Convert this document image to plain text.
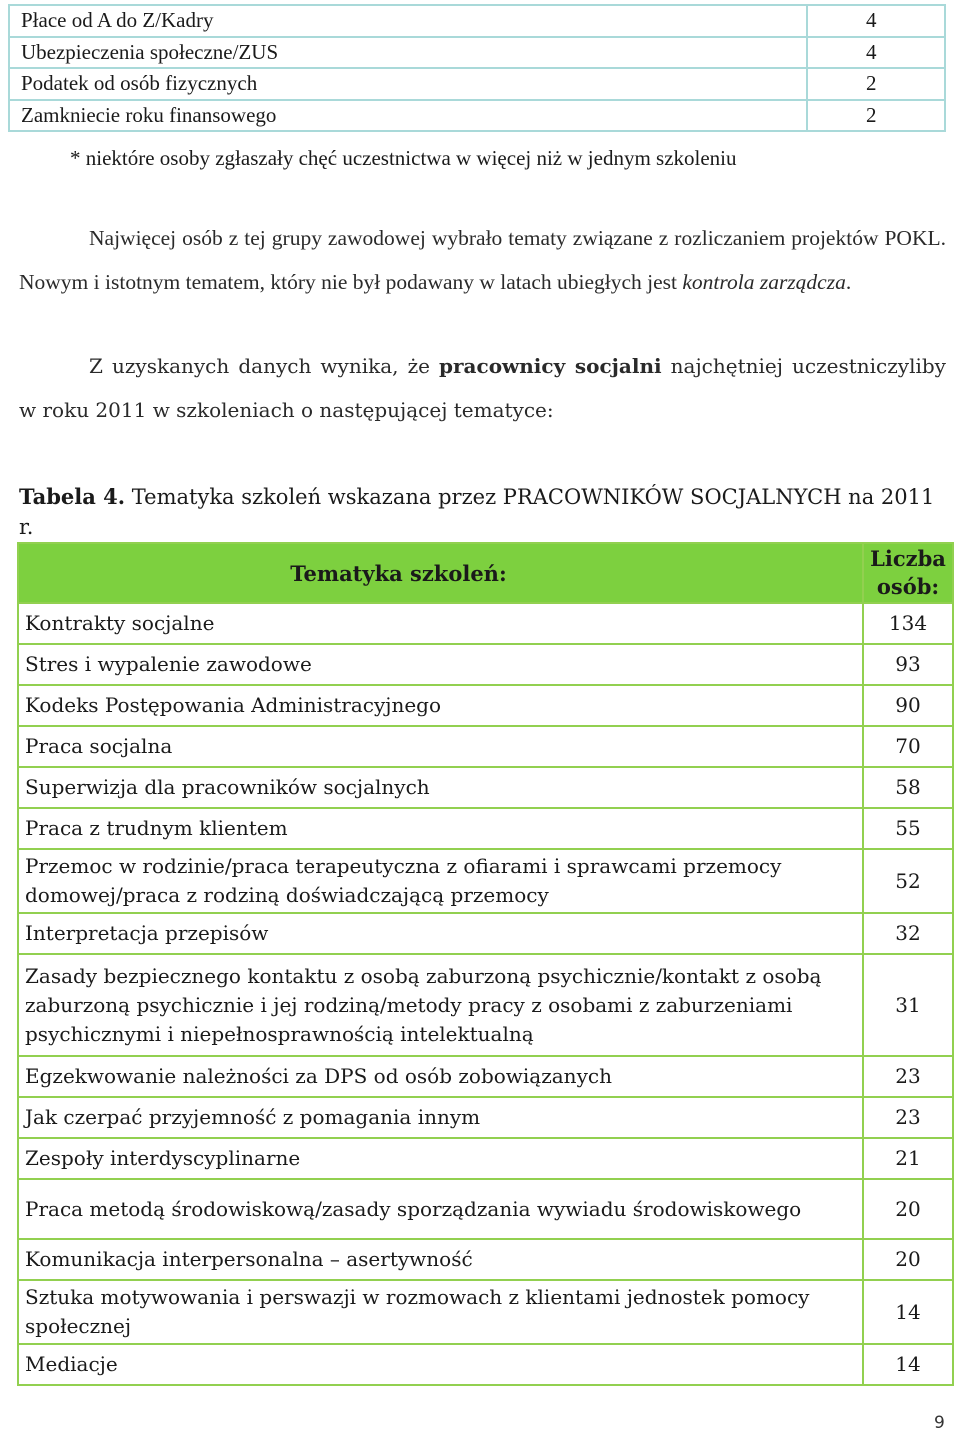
Płace od A do Z/Kadry	4
Ubezpieczenia społeczne/ZUS	4
Podatek od osób fizycznych	2
Zamkniecie roku finansowego	2
* niektóre osoby zgłaszały chęć uczestnictwa w więcej niż w jednym szkoleniu
Najwięcej osób z tej grupy zawodowej wybrało tematy związane z rozliczaniem projektów POKL. Nowym i istotnym tematem, który nie był podawany w latach ubiegłych jest kontrola zarządcza.
Z uzyskanych danych wynika, że pracownicy socjalni najchętniej uczestniczyliby w roku 2011 w szkoleniach o następującej tematyce:
Tabela 4. Tematyka szkoleń wskazana przez PRACOWNIKÓW SOCJALNYCH na 2011 r.
Tematyka szkoleń:	Liczba osób:
Kontrakty socjalne	134
Stres i wypalenie zawodowe	93
Kodeks Postępowania Administracyjnego	90
Praca socjalna	70
Superwizja dla pracowników socjalnych	58
Praca z trudnym klientem	55
Przemoc w rodzinie/praca terapeutyczna z ofiarami i sprawcami przemocy domowej/praca z rodziną doświadczającą przemocy	52
Interpretacja przepisów	32
Zasady bezpiecznego kontaktu z osobą zaburzoną psychicznie/kontakt z osobą zaburzoną psychicznie i jej rodziną/metody pracy z osobami z zaburzeniami psychicznymi i niepełnosprawnością intelektualną	31
Egzekwowanie należności za DPS od osób zobowiązanych	23
Jak czerpać przyjemność z pomagania innym	23
Zespoły interdyscyplinarne	21
Praca metodą środowiskową/zasady sporządzania wywiadu środowiskowego	20
Komunikacja interpersonalna – asertywność	20
Sztuka motywowania i perswazji w rozmowach z klientami jednostek pomocy społecznej	14
Mediacje	14
9
